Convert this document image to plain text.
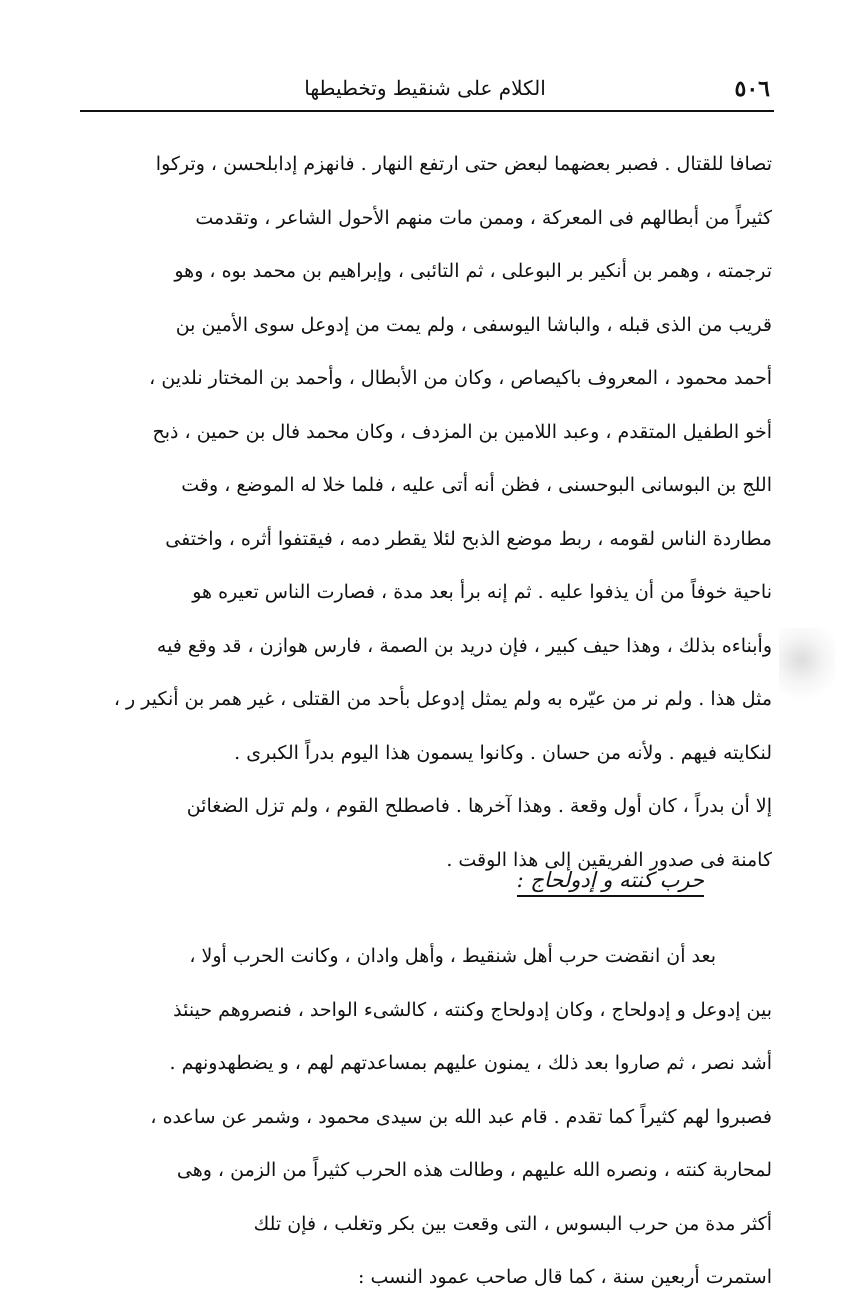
٥٠٦
الكلام على شنقيط وتخطيطها
تصافا للقتال . فصبر بعضهما لبعض حتى ارتفع النهار . فانهزم إدابلحسن ، وتركوا
كثيراً من أبطالهم فى المعركة ، وممن مات منهم الأحول الشاعر ، وتقدمت
ترجمته ، وهمر بن أنكير بر البوعلى ، ثم التائبى ، وإبراهيم بن محمد بوه ، وهو
قريب من الذى قبله ، والباشا اليوسفى ، ولم يمت من إدوعل سوى الأمين بن
أحمد محمود ، المعروف باكيصاص ، وكان من الأبطال ، وأحمد بن المختار نلدين ،
أخو الطفيل المتقدم ، وعبد اللامين بن المزدف ، وكان محمد فال بن حمين ، ذبح
اللج بن البوسانى البوحسنى ، فظن أنه أتى عليه ، فلما خلا له الموضع ، وقت
مطاردة الناس لقومه ، ربط موضع الذبح لئلا يقطر دمه ، فيقتفوا أثره ، واختفى
ناحية خوفاً من أن يذفوا عليه . ثم إنه برأ بعد مدة ، فصارت الناس تعيره هو
وأبناءه بذلك ، وهذا حيف كبير ، فإن دريد بن الصمة ، فارس هوازن ، قد وقع فيه
مثل هذا . ولم نر من عيّره به ولم يمثل إدوعل بأحد من القتلى ، غير همر بن أنكير ر ،
لنكايته فيهم . ولأنه من حسان . وكانوا يسمون هذا اليوم بدراً الكبرى .
إلا أن بدراً ، كان أول وقعة . وهذا آخرها . فاصطلح القوم ، ولم تزل الضغائن
كامنة فى صدور الفريقين إلى هذا الوقت .
حرب كنته و إدولحاج :
بعد أن انقضت حرب أهل شنقيط ، وأهل وادان ، وكانت الحرب أولا ،
بين إدوعل و إدولحاج ، وكان إدولحاج وكنته ، كالشىء الواحد ، فنصروهم حينئذ
أشد نصر ، ثم صاروا بعد ذلك ، يمنون عليهم بمساعدتهم لهم ، و يضطهدونهم .
فصبروا لهم كثيراً كما تقدم . قام عبد الله بن سيدى محمود ، وشمر عن ساعده ،
لمحاربة كنته ، ونصره الله عليهم ، وطالت هذه الحرب كثيراً من الزمن ، وهى
أكثر مدة من حرب البسوس ، التى وقعت بين بكر وتغلب ، فإن تلك
استمرت أربعين سنة ، كما قال صاحب عمود النسب :
